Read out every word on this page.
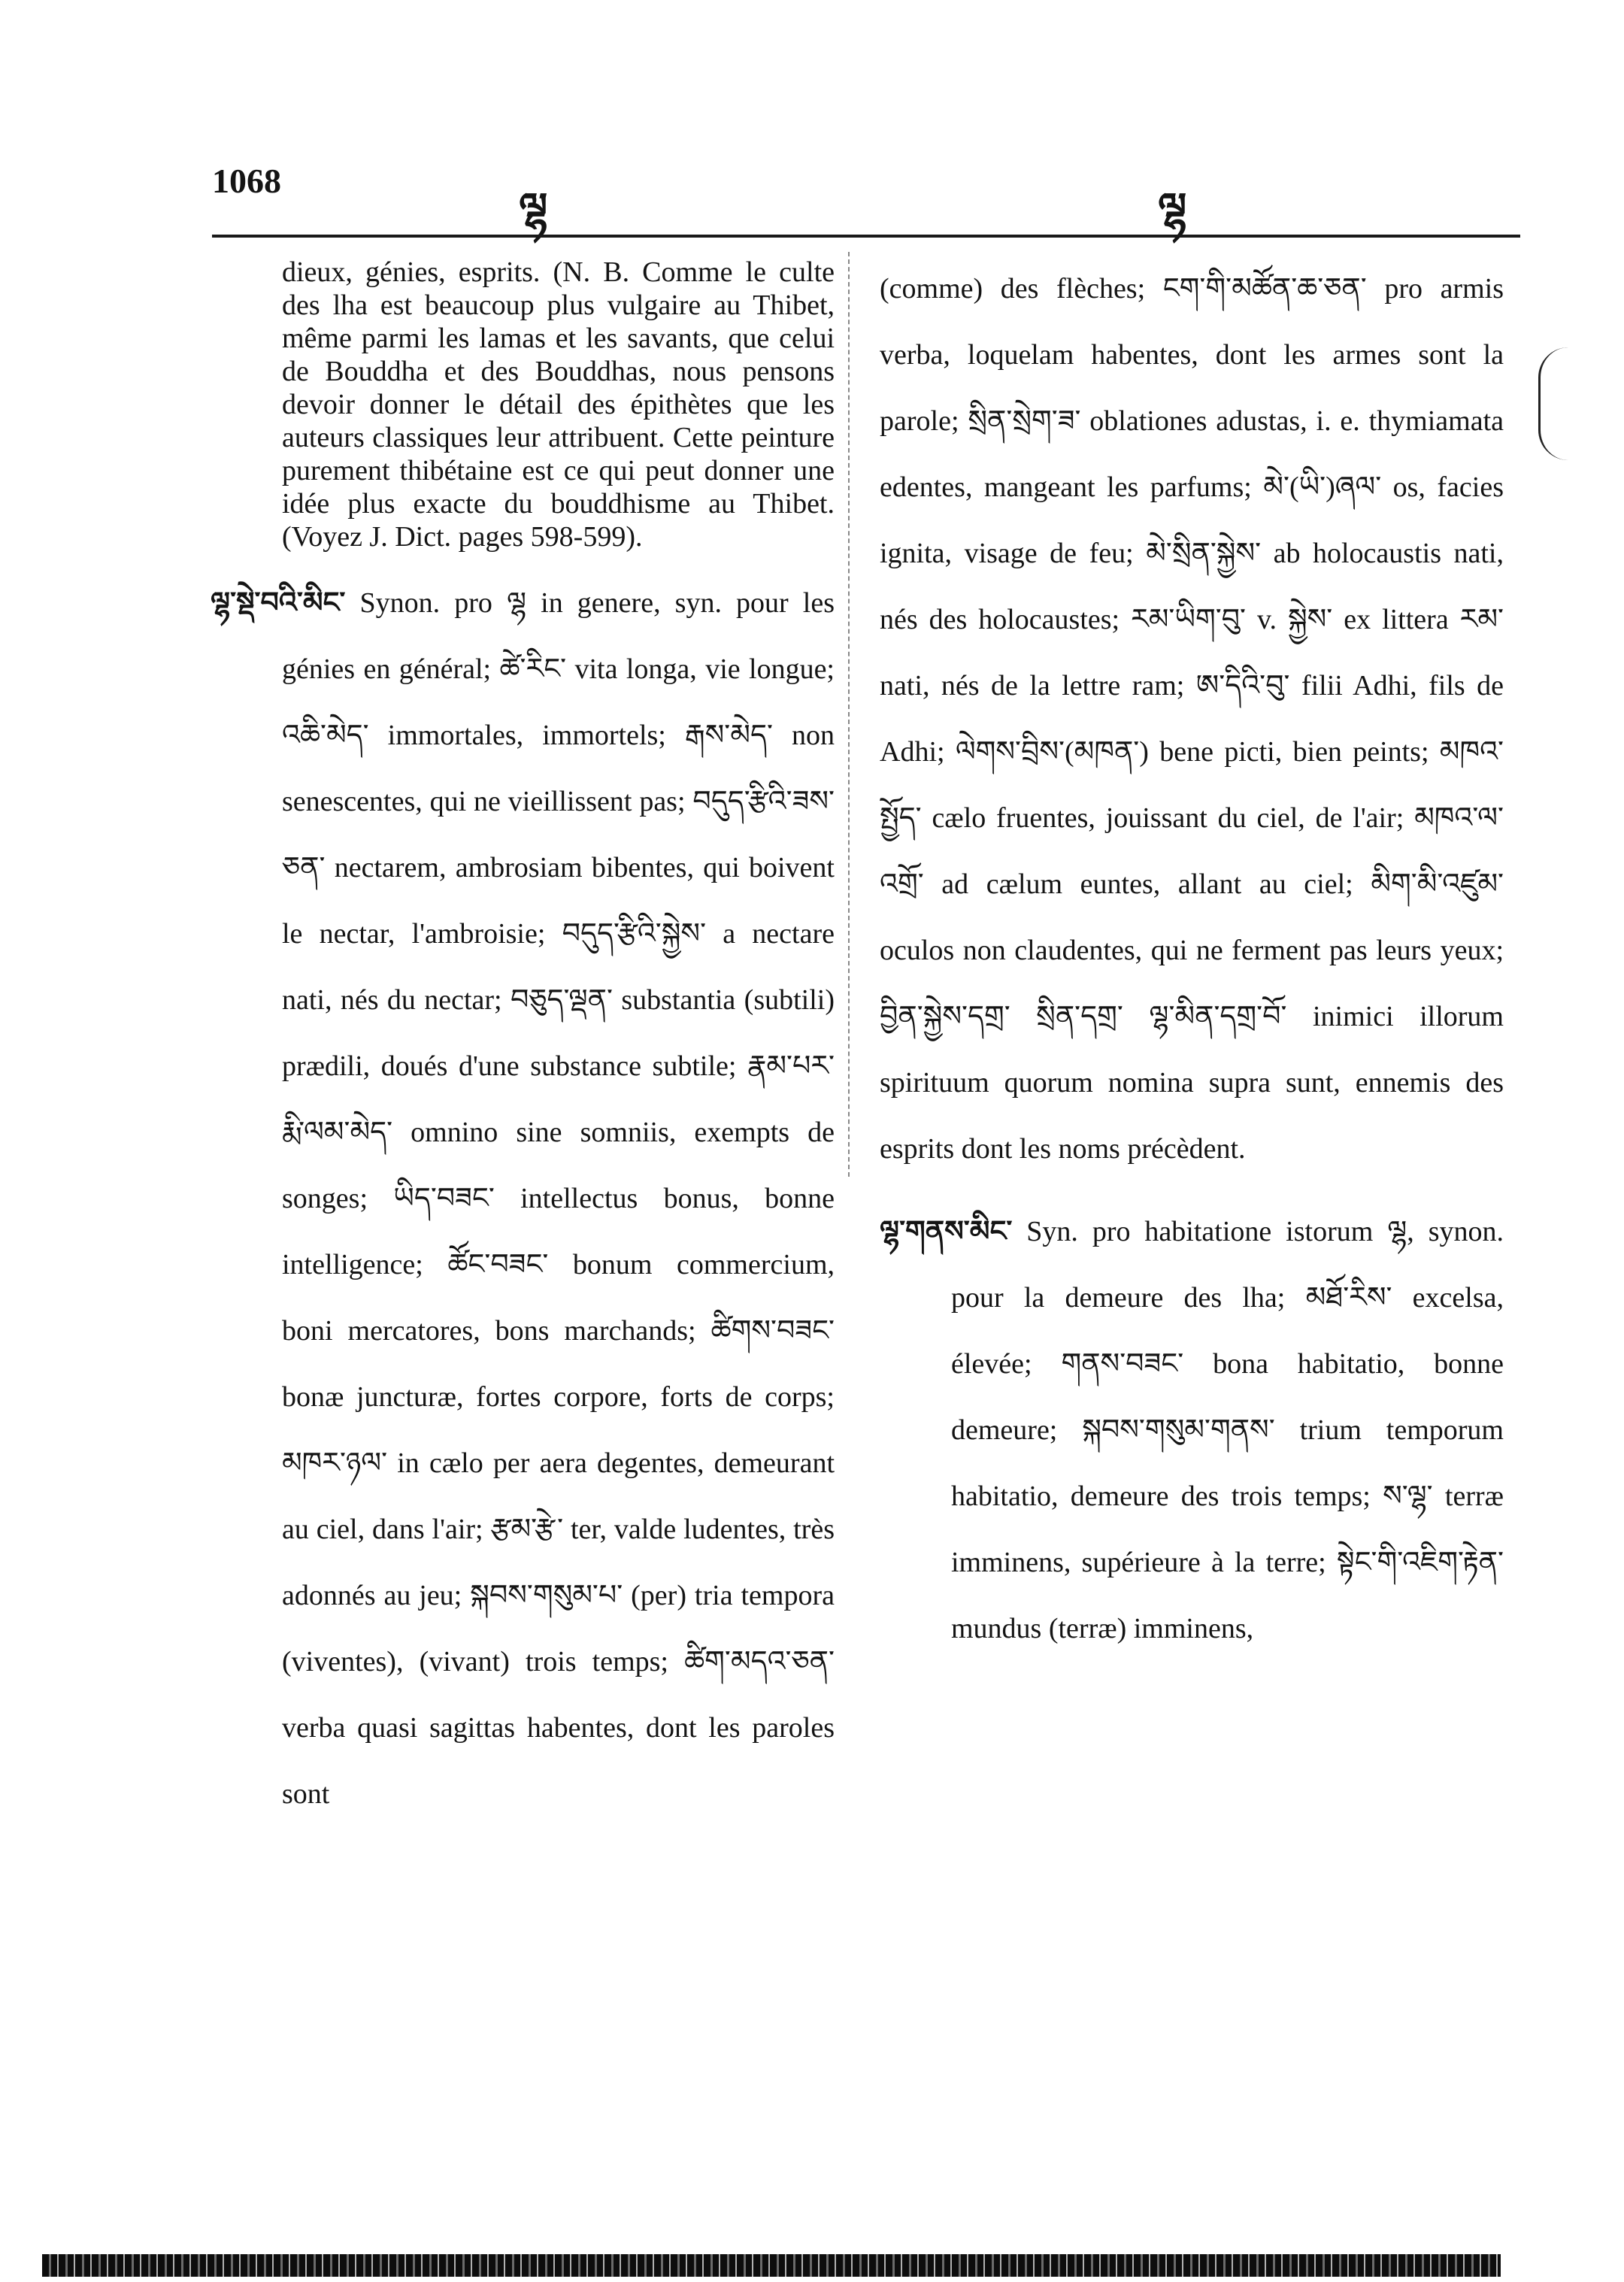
1068
ལྷ	ལྷ

dieux, génies, esprits. (N. B. Comme le culte des lha est beaucoup plus vulgaire au Thibet, même parmi les lamas et les savants, que celui de Bouddha et des Bouddhas, nous pensons devoir donner le détail des épithètes que les auteurs classiques leur attribuent. Cette peinture purement thibétaine est ce qui peut donner une idée plus exacte du bouddhisme au Thibet. (Voyez J. Dict. pages 598-599).

ལྷ་སྡེ་བའི་མིང་ Synon. pro ལྷ in genere, syn. pour les génies en général; ཚེ་རིང་ vita longa, vie longue; འཆི་མེད་ immortales, immortels; རྒས་མེད་ non senescentes, qui ne vieillissent pas; བདུད་རྩིའི་ཟས་ཅན་ nectarem, ambrosiam bibentes, qui boivent le nectar, l'ambroisie; བདུད་རྩིའི་སྐྱེས་ a nectare nati, nés du nectar; བཅུད་ལྡན་ substantia (subtili) prædili, doués d'une substance subtile; རྣམ་པར་རྨི་ལམ་མེད་ omnino sine somniis, exempts de songes; ཡིད་བཟང་ intellectus bonus, bonne intelligence; ཚོང་བཟང་ bonum commercium, boni mercatores, bons marchands; ཚིགས་བཟང་ bonæ juncturæ, fortes corpore, forts de corps; མཁར་ཉལ་ in cælo per aera degentes, demeurant au ciel, dans l'air; རྩམ་རྩེ་ ter, valde ludentes, très adonnés au jeu; སྐབས་གསུམ་པ་ (per) tria tempora (viventes), (vivant) trois temps; ཚིག་མདའ་ཅན་ verba quasi sagittas habentes, dont les paroles sont

(comme) des flèches; ངག་གི་མཚོན་ཆ་ཅན་ pro armis verba, loquelam habentes, dont les armes sont la parole; སྲིན་སྲེག་ཟ་ oblationes adustas, i. e. thymiamata edentes, mangeant les parfums; མེ་(ཡི་)ཞལ་ os, facies ignita, visage de feu; མེ་སྲིན་སྐྱེས་ ab holocaustis nati, nés des holocaustes; རམ་ཡིག་བུ་ v. སྐྱེས་ ex littera རམ་ nati, nés de la lettre ram; ཨ་དིའི་བུ་ filii Adhi, fils de Adhi; ལེགས་བྲིས་(མཁན་) bene picti, bien peints; མཁའ་སྤྱོད་ cælo fruentes, jouissant du ciel, de l'air; མཁའ་ལ་འགྲོ་ ad cælum euntes, allant au ciel; མིག་མི་འཛུམ་ oculos non claudentes, qui ne ferment pas leurs yeux; བྱིན་སྐྱེས་དགྲ་ སྲིན་དགྲ་ ལྷ་མིན་དགྲ་བོ་ inimici illorum spirituum quorum nomina supra sunt, ennemis des esprits dont les noms précèdent.

ལྷ་གནས་མིང་ Syn. pro habitatione istorum ལྷ, synon. pour la demeure des lha; མཐོ་རིས་ excelsa, élevée; གནས་བཟང་ bona habitatio, bonne demeure; སྐབས་གསུམ་གནས་ trium temporum habitatio, demeure des trois temps; ས་ལྷ་ terræ imminens, supérieure à la terre; སྟེང་གི་འཇིག་རྟེན་ mundus (terræ) imminens,
